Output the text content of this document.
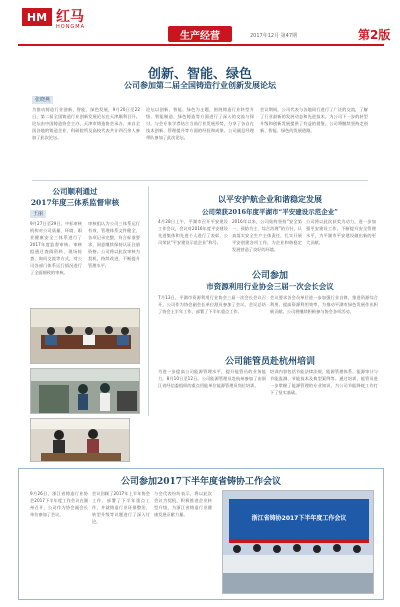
HM 红马
HONGMA
生产经营	2017年12月 第47期	第2版
创新、智能、绿色
公司参加第二届全国铸造行业创新发展论坛
张晓燕
为推动铸造行业创新、智能、绿色发展，9月20日至22日，第二届全国铸造行业创新发展论坛在天津顺利召开。论坛由中国铸造协会主办，天津市铸造协会承办，来自全国各地的铸造企业、科研院所及高校代表共计四百余人参加了此次论坛。
论坛以创新、智能、绿色为主题，围绕铸造行业转型升级、智能制造、绿色铸造等方面进行了深入的交流与探讨。与会专家学者结合当前行业发展形势，分享了各自在技术创新、管理提升等方面的经验和成果。公司副总经理带队参加了此次论坛。
会议期间，公司代表与各地同行进行了广泛的交流，了解了行业最新的发展动态和先进技术，为公司下一步的转型升级和创新发展提供了有益的借鉴。公司将继续坚持走创新、智能、绿色的发展道路。
公司顺利通过
2017年度三体系监督审核
王丽
9月27日至29日，中标审核机构对公司质量、环境、职业健康安全三体系进行了2017年度监督审核。审核组通过查阅资料、现场检查、询问交流等方式，对公司各部门体系运行情况进行了全面细致的审核。
审核组认为公司三体系运行有效，管理体系文件健全，各项记录完整，符合标准要求，同意继续保持认证注册资格。公司将以此次审核为契机，持续改进，不断提升管理水平。
以平安护航企业和谐稳定发展
公司荣获2016年度平湖市“平安建设示范企业”
4月28日上午，平湖市召开平安建设工作会议，会议对2016年度平安建设先进集体和先进个人进行了表彰，公司荣获“平安建设示范企业”称号。
2016年以来，公司始终坚持“安全第一、预防为主、综合治理”的方针，认真落实安全生产主体责任，扎实开展平安创建各项工作，为企业和谐稳定发展营造了良好的环境。
公司将以此次获奖为动力，进一步加强平安建设工作，不断提升安全管理水平，为平湖市平安建设做出新的更大贡献。
公司参加
市资源利用行业协会三届一次会长会议
7月13日，平湖市资源利用行业协会三届一次会长会议召开，公司作为协会副会长单位派员参加了会议。会议总结了协会上半年工作，部署了下半年重点工作。
会议要求各会员单位进一步加强行业自律，推进资源综合利用，提高资源利用效率，为推动平湖市绿色发展作出积极贡献。公司将继续积极参与协会各项活动。
公司能管员赴杭州培训
为进一步提高公司能源管理水平，提升能管员的业务能力，8月10日至12日，公司能源管理员赴杭州参加了由浙江省经信委组织的重点用能单位能源管理员岗位培训。
培训内容包括节能法律法规、能源管理体系、能源审计与节能监测、节能技术及典型案例等。通过培训，能管员进一步掌握了能源管理的专业知识，为公司节能降耗工作打下了坚实基础。
公司参加2017下半年度省铸协工作会议
9月26日，浙江省铸造行业协会2017下半年度工作会议在湖州召开，公司作为协会副会长单位参加了会议。
会议回顾了2017年上半年协会工作，部署了下半年重点工作，并就铸造行业环保整治、转型升级等议题进行了深入讨论。
与会代表纷纷表示，将以此次会议为契机，积极推进企业转型升级，为浙江省铸造行业健康发展贡献力量。
浙江省铸协2017下半年度工作会议
